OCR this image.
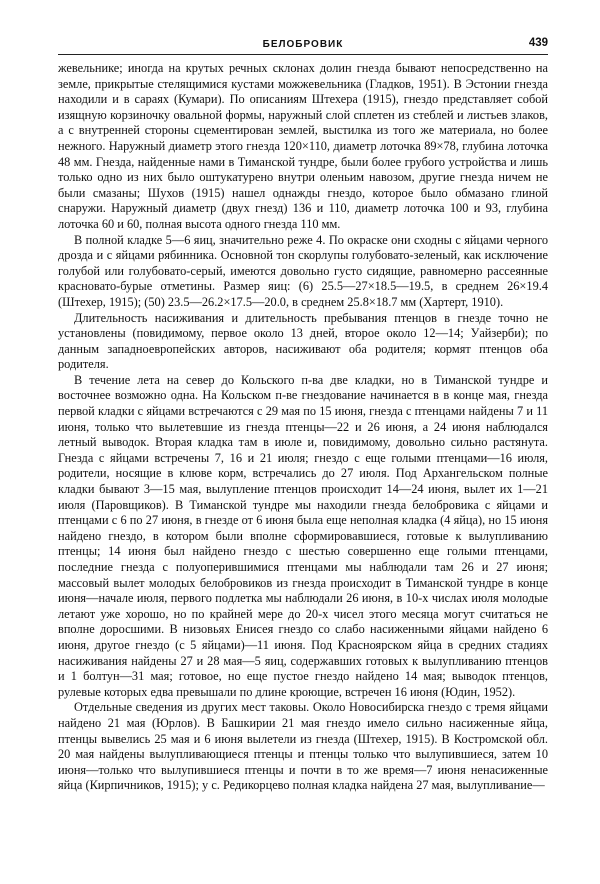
БЕЛОБРОВИК	439

жевельнике; иногда на крутых речных склонах долин гнезда бывают непосредственно на земле, прикрытые стелящимися кустами можжевельника (Гладков, 1951). В Эстонии гнезда находили и в сараях (Кумари). По описаниям Штехера (1915), гнездо представляет собой изящную корзиночку овальной формы, наружный слой сплетен из стеблей и листьев злаков, а с внутренней стороны сцементирован землей, выстилка из того же материала, но более нежного. Наружный диаметр этого гнезда 120×110, диаметр лоточка 89×78, глубина лоточка 48 мм. Гнезда, найденные нами в Тиманской тундре, были более грубого устройства и лишь только одно из них было оштукатурено внутри оленьим навозом, другие гнезда ничем не были смазаны; Шухов (1915) нашел однажды гнездо, которое было обмазано глиной снаружи. Наружный диаметр (двух гнезд) 136 и 110, диаметр лоточка 100 и 93, глубина лоточка 60 и 60, полная высота одного гнезда 110 мм.

В полной кладке 5—6 яиц, значительно реже 4. По окраске они сходны с яйцами черного дрозда и с яйцами рябинника. Основной тон скорлупы голубовато-зеленый, как исключение голубой или голубовато-серый, имеются довольно густо сидящие, равномерно рассеянные красновато-бурые отметины. Размер яиц: (6) 25.5—27×18.5—19.5, в среднем 26×19.4 (Штехер, 1915); (50) 23.5—26.2×17.5—20.0, в среднем 25.8×18.7 мм (Хартерт, 1910).

Длительность насиживания и длительность пребывания птенцов в гнезде точно не установлены (повидимому, первое около 13 дней, второе около 12—14; Уайзерби); по данным западноевропейских авторов, насиживают оба родителя; кормят птенцов оба родителя.

В течение лета на север до Кольского п-ва две кладки, но в Тиманской тундре и восточнее возможно одна. На Кольском п-ве гнездование начинается в в конце мая, гнезда первой кладки с яйцами встречаются с 29 мая по 15 июня, гнезда с птенцами найдены 7 и 11 июня, только что вылетевшие из гнезда птенцы—22 и 26 июня, а 24 июня наблюдался летный выводок. Вторая кладка там в июле и, повидимому, довольно сильно растянута. Гнезда с яйцами встречены 7, 16 и 21 июля; гнездо с еще голыми птенцами—16 июля, родители, носящие в клюве корм, встречались до 27 июля. Под Архангельском полные кладки бывают 3—15 мая, вылупление птенцов происходит 14—24 июня, вылет их 1—21 июля (Паровщиков). В Тиманской тундре мы находили гнезда белобровика с яйцами и птенцами с 6 по 27 июня, в гнезде от 6 июня была еще неполная кладка (4 яйца), но 15 июня найдено гнездо, в котором были вполне сформировавшиеся, готовые к вылупливанию птенцы; 14 июня был найдено гнездо с шестью совершенно еще голыми птенцами, последние гнезда с полуоперившимися птенцами мы наблюдали там 26 и 27 июня; массовый вылет молодых белобровиков из гнезда происходит в Тиманской тундре в конце июня—начале июля, первого подлетка мы наблюдали 26 июня, в 10-х числах июля молодые летают уже хорошо, но по крайней мере до 20-х чисел этого месяца могут считаться не вполне доросшими. В низовьях Енисея гнездо со слабо насиженными яйцами найдено 6 июня, другое гнездо (с 5 яйцами)—11 июня. Под Красноярском яйца в средних стадиях насиживания найдены 27 и 28 мая—5 яиц, содержавших готовых к вылупливанию птенцов и 1 болтун—31 мая; готовое, но еще пустое гнездо найдено 14 мая; выводок птенцов, рулевые которых едва превышали по длине кроющие, встречен 16 июня (Юдин, 1952).

Отдельные сведения из других мест таковы. Около Новосибирска гнездо с тремя яйцами найдено 21 мая (Юрлов). В Башкирии 21 мая гнездо имело сильно насиженные яйца, птенцы вывелись 25 мая и 6 июня вылетели из гнезда (Штехер, 1915). В Костромской обл. 20 мая найдены вылупливающиеся птенцы и птенцы только что вылупившиеся, затем 10 июня—только что вылупившиеся птенцы и почти в то же время—7 июня ненасиженные яйца (Кирпичников, 1915); у с. Редикорцево полная кладка найдена 27 мая, вылупливание—
